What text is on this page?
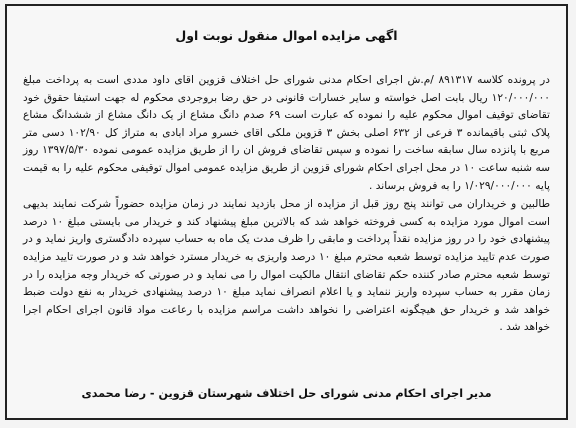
اگهی مزایده اموال منقول نوبت اول

در پرونده کلاسه ۸۹۱۳۱۷ /م.ش اجرای احکام مدنی شورای حل اختلاف قزوین اقای داود مددی است به پرداخت مبلغ ۱۲۰/۰۰۰/۰۰۰ ریال بابت اصل خواسته و سایر خسارات قانونی در حق رضا بروجردی محکوم له جهت استیفا حقوق خود تقاضای توقیف اموال محکوم علیه را نموده که عبارت است ۶۹ صدم دانگ مشاع از یک دانگ مشاع از ششدانگ مشاع پلاک ثبتی باقیمانده ۳ فرعی از ۶۳۲ اصلی بخش ۳ قزوین ملکی اقای خسرو مراد ابادی به متراژ کل ۱۰۲/۹۰ دسی متر مربع با پانزده سال سابقه ساخت را نموده و سپس تقاضای فروش ان را از طریق مزایده عمومی نموده ۱۳۹۷/۵/۳۰ روز سه شنبه ساعت ۱۰ در محل اجرای احکام شورای قزوین از طریق مزایده عمومی اموال توقیفی محکوم علیه را به قیمت پایه ۱/۰۲۹/۰۰۰/۰۰۰ را به فروش برساند .

طالبین و خریداران می توانند پنج روز قبل از مزایده از محل بازدید نمایند در زمان مزایده حضوراً شرکت نمایند بدیهی است اموال مورد مزایده به کسی فروخته خواهد شد که بالاترین مبلغ پیشنهاد کند و خریدار می بایستی مبلغ ۱۰ درصد پیشنهادی خود را در روز مزایده نقداً پرداخت و مابقی را ظرف مدت یک ماه به حساب سپرده دادگستری واریز نماید و در صورت عدم تایید مزایده توسط شعبه محترم مبلغ ۱۰ درصد واریزی به خریدار مسترد خواهد شد و در صورت تایید مزایده توسط شعبه محترم صادر کننده حکم تقاضای انتقال مالکیت اموال را می نماید و در صورتی که خریدار وجه مزایده را در زمان مقرر به حساب سپرده واریز ننماید و یا اعلام انصراف نماید مبلغ ۱۰ درصد پیشنهادی خریدار به نفع دولت ضبط خواهد شد و خریدار حق هیچگونه اعتراضی را نخواهد داشت مراسم مزایده با رعاعت مواد قانون اجرای احکام اجرا خواهد شد .

مدیر اجرای احکام مدنی شورای حل اختلاف شهرستان قزوین - رضا محمدی
